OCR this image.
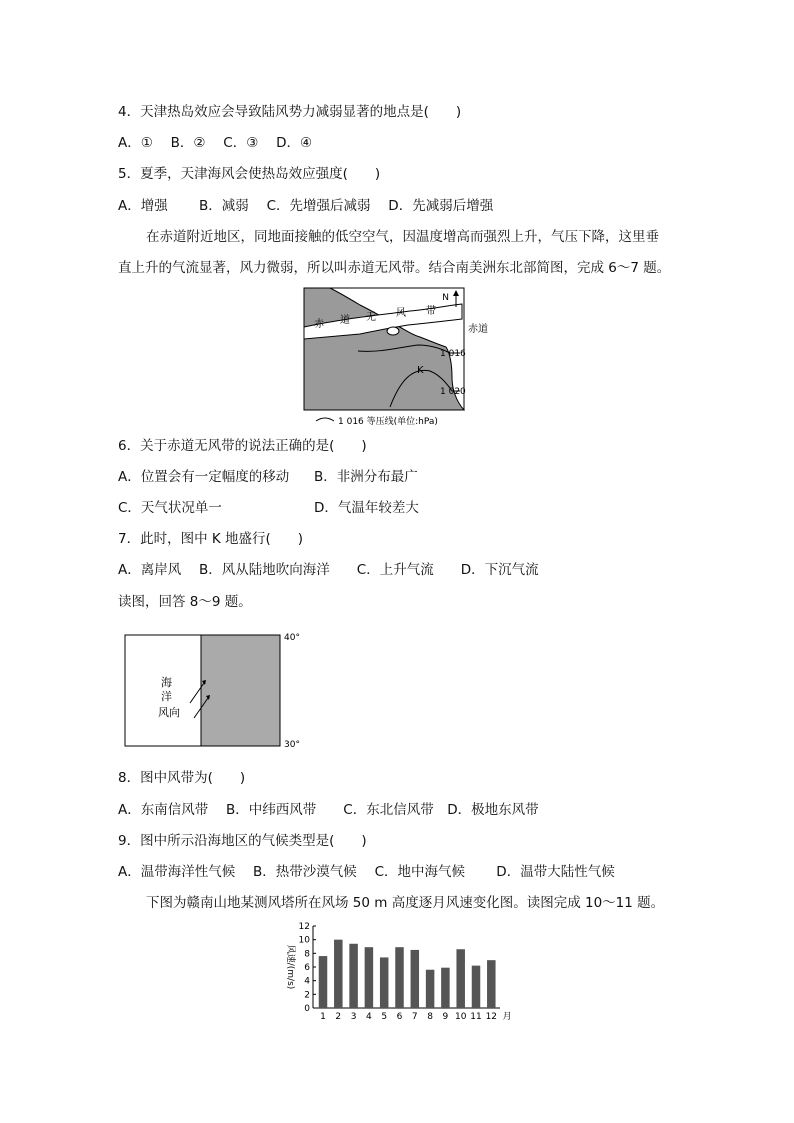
4．天津热岛效应会导致陆风势力减弱显著的地点是(　　)
A．①　 B．②　 C．③　 D．④
5．夏季，天津海风会使热岛效应强度(　　)
A．增强　　 B．减弱　 C．先增强后减弱　 D．先减弱后增强
在赤道附近地区，同地面接触的低空空气，因温度增高而强烈上升，气压下降，这里垂
直上升的气流显著，风力微弱，所以叫赤道无风带。结合南美洲东北部简图，完成 6～7 题。
N
赤 道 无 风 带
赤道
1 016
1 020
K
1 016 等压线(单位:hPa)
6．关于赤道无风带的说法正确的是(　　)
A．位置会有一定幅度的移动 B．非洲分布最广
C．天气状况单一	D．气温年较差大
7．此时，图中 K 地盛行(　　)
A．离岸风　 B．风从陆地吹向海洋　　C．上升气流　　D．下沉气流
读图，回答 8～9 题。
40°
30°
海
洋
风向
8．图中风带为(　　)
A．东南信风带　 B．中纬西风带　　C．东北信风带　D．极地东风带
9．图中所示沿海地区的气候类型是(　　)
A．温带海洋性气候　 B．热带沙漠气候　 C．地中海气候　　 D．温带大陆性气候
下图为赣南山地某测风塔所在风场 50 m 高度逐月风速变化图。读图完成 10～11 题。
0
2
4
6
8
10
12
1 2 3 4 5 6 7 8 9 10 11 12 月
风速/(m/s)
